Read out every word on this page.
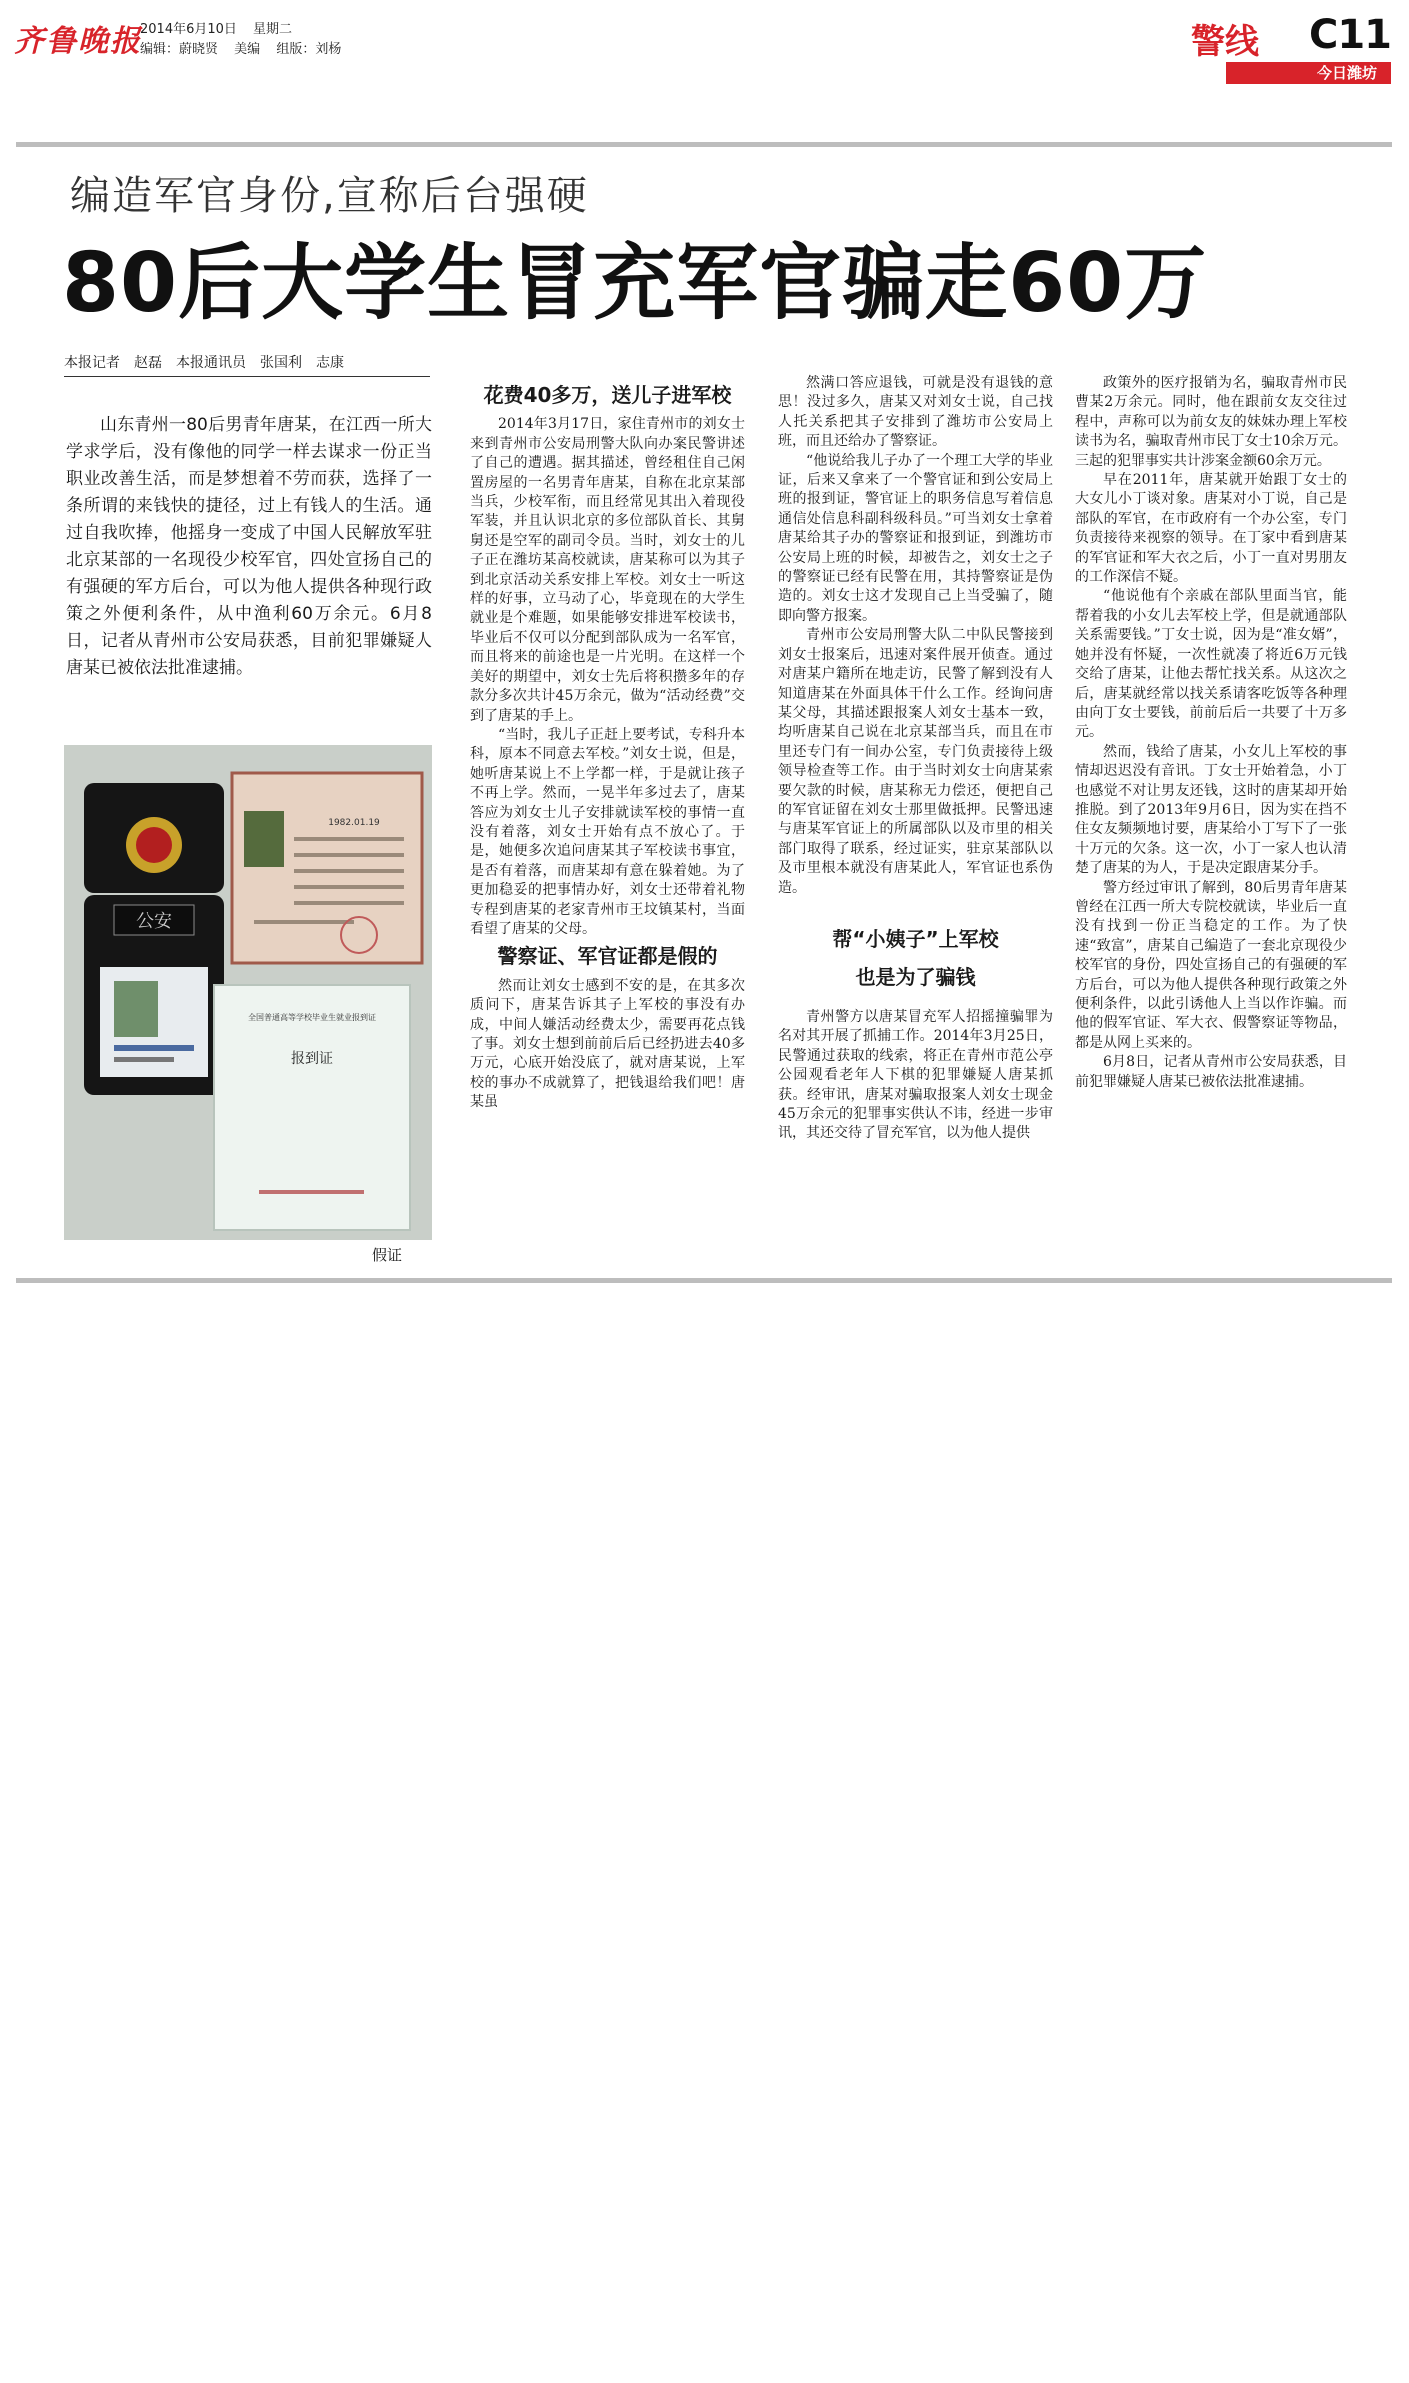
齐鲁晚报
2014年6月10日 星期二
编辑：蔚晓贤 美编 组版：刘杨	警线 C11
今日潍坊
编造军官身份,宣称后台强硬
80后大学生冒充军官骗走60万
本报记者　赵磊　本报通讯员　张国利　志康
山东青州一80后男青年唐某，在江西一所大学求学后，没有像他的同学一样去谋求一份正当职业改善生活，而是梦想着不劳而获，选择了一条所谓的来钱快的捷径，过上有钱人的生活。通过自我吹捧，他摇身一变成了中国人民解放军驻北京某部的一名现役少校军官，四处宣扬自己的有强硬的军方后台，可以为他人提供各种现行政策之外便利条件，从中渔利60万余元。6月8日，记者从青州市公安局获悉，目前犯罪嫌疑人唐某已被依法批准逮捕。
公安
1982.01.19
全国普通高等学校毕业生就业报到证
报到证
假证
花费40多万，送儿子进军校

2014年3月17日，家住青州市的刘女士来到青州市公安局刑警大队向办案民警讲述了自己的遭遇。据其描述，曾经租住自己闲置房屋的一名男青年唐某，自称在北京某部当兵，少校军衔，而且经常见其出入着现役军装，并且认识北京的多位部队首长、其舅舅还是空军的副司令员。当时，刘女士的儿子正在潍坊某高校就读，唐某称可以为其子到北京活动关系安排上军校。刘女士一听这样的好事，立马动了心，毕竟现在的大学生就业是个难题，如果能够安排进军校读书，毕业后不仅可以分配到部队成为一名军官，而且将来的前途也是一片光明。在这样一个美好的期望中，刘女士先后将积攒多年的存款分多次共计45万余元，做为“活动经费”交到了唐某的手上。

“当时，我儿子正赶上要考试，专科升本科，原本不同意去军校。”刘女士说，但是，她听唐某说上不上学都一样，于是就让孩子不再上学。然而，一晃半年多过去了，唐某答应为刘女士儿子安排就读军校的事情一直没有着落，刘女士开始有点不放心了。于是，她便多次追问唐某其子军校读书事宜，是否有着落，而唐某却有意在躲着她。为了更加稳妥的把事情办好，刘女士还带着礼物专程到唐某的老家青州市王坟镇某村，当面看望了唐某的父母。

警察证、军官证都是假的

然而让刘女士感到不安的是，在其多次质问下，唐某告诉其子上军校的事没有办成，中间人嫌活动经费太少，需要再花点钱了事。刘女士想到前前后后已经扔进去40多万元，心底开始没底了，就对唐某说，上军校的事办不成就算了，把钱退给我们吧！唐某虽

然满口答应退钱，可就是没有退钱的意思！没过多久，唐某又对刘女士说，自己找人托关系把其子安排到了潍坊市公安局上班，而且还给办了警察证。

“他说给我儿子办了一个理工大学的毕业证，后来又拿来了一个警官证和到公安局上班的报到证，警官证上的职务信息写着信息通信处信息科副科级科员。”可当刘女士拿着唐某给其子办的警察证和报到证，到潍坊市公安局上班的时候，却被告之，刘女士之子的警察证已经有民警在用，其持警察证是伪造的。刘女士这才发现自己上当受骗了，随即向警方报案。

青州市公安局刑警大队二中队民警接到刘女士报案后，迅速对案件展开侦查。通过对唐某户籍所在地走访，民警了解到没有人知道唐某在外面具体干什么工作。经询问唐某父母，其描述跟报案人刘女士基本一致，均听唐某自己说在北京某部当兵，而且在市里还专门有一间办公室，专门负责接待上级领导检查等工作。由于当时刘女士向唐某索要欠款的时候，唐某称无力偿还，便把自己的军官证留在刘女士那里做抵押。民警迅速与唐某军官证上的所属部队以及市里的相关部门取得了联系，经过证实，驻京某部队以及市里根本就没有唐某此人，军官证也系伪造。

帮“小姨子”上军校
也是为了骗钱

青州警方以唐某冒充军人招摇撞骗罪为名对其开展了抓捕工作。2014年3月25日，民警通过获取的线索，将正在青州市范公亭公园观看老年人下棋的犯罪嫌疑人唐某抓获。经审讯，唐某对骗取报案人刘女士现金45万余元的犯罪事实供认不讳，经进一步审讯，其还交待了冒充军官，以为他人提供

政策外的医疗报销为名，骗取青州市民曹某2万余元。同时，他在跟前女友交往过程中，声称可以为前女友的妹妹办理上军校读书为名，骗取青州市民丁女士10余万元。三起的犯罪事实共计涉案金额60余万元。

早在2011年，唐某就开始跟丁女士的大女儿小丁谈对象。唐某对小丁说，自己是部队的军官，在市政府有一个办公室，专门负责接待来视察的领导。在丁家中看到唐某的军官证和军大衣之后，小丁一直对男朋友的工作深信不疑。

“他说他有个亲戚在部队里面当官，能帮着我的小女儿去军校上学，但是就通部队关系需要钱。”丁女士说，因为是“准女婿”，她并没有怀疑，一次性就凑了将近6万元钱交给了唐某，让他去帮忙找关系。从这次之后，唐某就经常以找关系请客吃饭等各种理由向丁女士要钱，前前后后一共要了十万多元。

然而，钱给了唐某，小女儿上军校的事情却迟迟没有音讯。丁女士开始着急，小丁也感觉不对让男友还钱，这时的唐某却开始推脱。到了2013年9月6日，因为实在挡不住女友频频地讨要，唐某给小丁写下了一张十万元的欠条。这一次，小丁一家人也认清楚了唐某的为人，于是决定跟唐某分手。

警方经过审讯了解到，80后男青年唐某曾经在江西一所大专院校就读，毕业后一直没有找到一份正当稳定的工作。为了快速“致富”，唐某自己编造了一套北京现役少校军官的身份，四处宣扬自己的有强硬的军方后台，可以为他人提供各种现行政策之外便利条件，以此引诱他人上当以作诈骗。而他的假军官证、军大衣、假警察证等物品，都是从网上买来的。

6月8日，记者从青州市公安局获悉，目前犯罪嫌疑人唐某已被依法批准逮捕。
